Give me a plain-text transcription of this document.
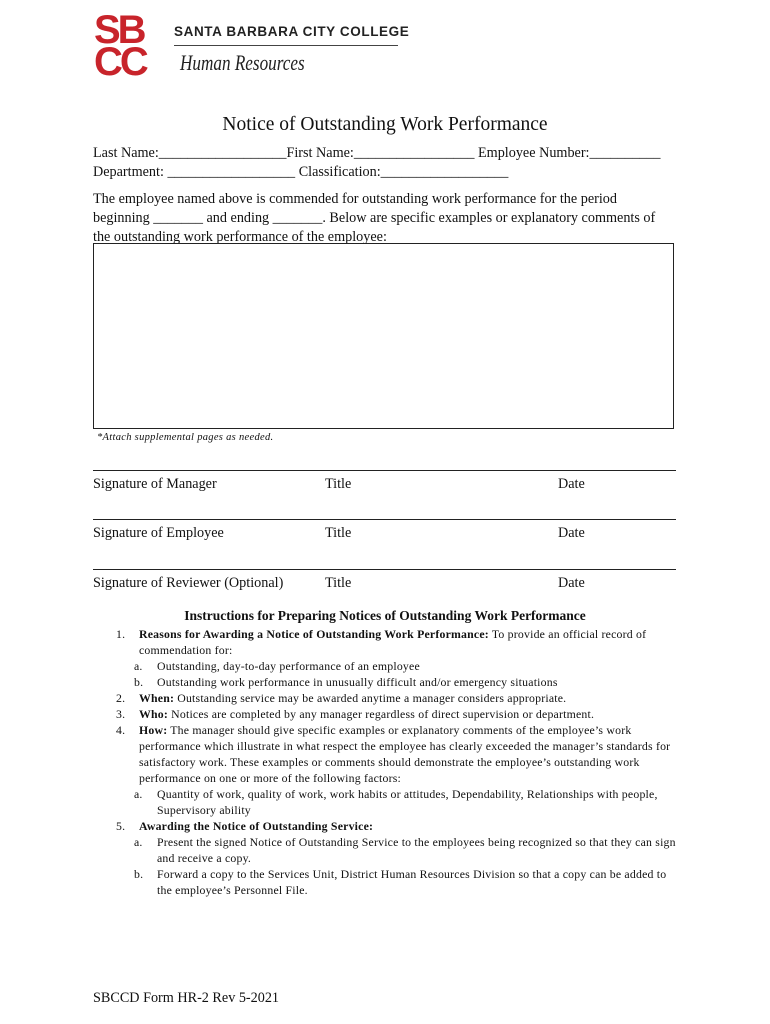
SB
CC
SANTA BARBARA CITY COLLEGE
Human Resources
Notice of Outstanding Work Performance
Last Name:__________________First Name:_________________ Employee Number:__________
Department: __________________ Classification:__________________
The employee named above is commended for outstanding work performance for the period
beginning _______ and ending _______. Below are specific examples or explanatory comments of
the outstanding work performance of the employee:
*Attach supplemental pages as needed.
Signature of Manager	Title	Date
Signature of Employee	Title	Date
Signature of Reviewer (Optional)	Title	Date
Instructions for Preparing Notices of Outstanding Work Performance
1. Reasons for Awarding a Notice of Outstanding Work Performance: To provide an official record of commendation for:
a. Outstanding, day-to-day performance of an employee
b. Outstanding work performance in unusually difficult and/or emergency situations
2. When: Outstanding service may be awarded anytime a manager considers appropriate.
3. Who: Notices are completed by any manager regardless of direct supervision or department.
4. How: The manager should give specific examples or explanatory comments of the employee’s work performance which illustrate in what respect the employee has clearly exceeded the manager’s standards for satisfactory work. These examples or comments should demonstrate the employee’s outstanding work performance on one or more of the following factors:
a. Quantity of work, quality of work, work habits or attitudes, Dependability, Relationships with people, Supervisory ability
5. Awarding the Notice of Outstanding Service:
a. Present the signed Notice of Outstanding Service to the employees being recognized so that they can sign and receive a copy.
b. Forward a copy to the Services Unit, District Human Resources Division so that a copy can be added to the employee’s Personnel File.
SBCCD Form HR-2 Rev 5-2021
